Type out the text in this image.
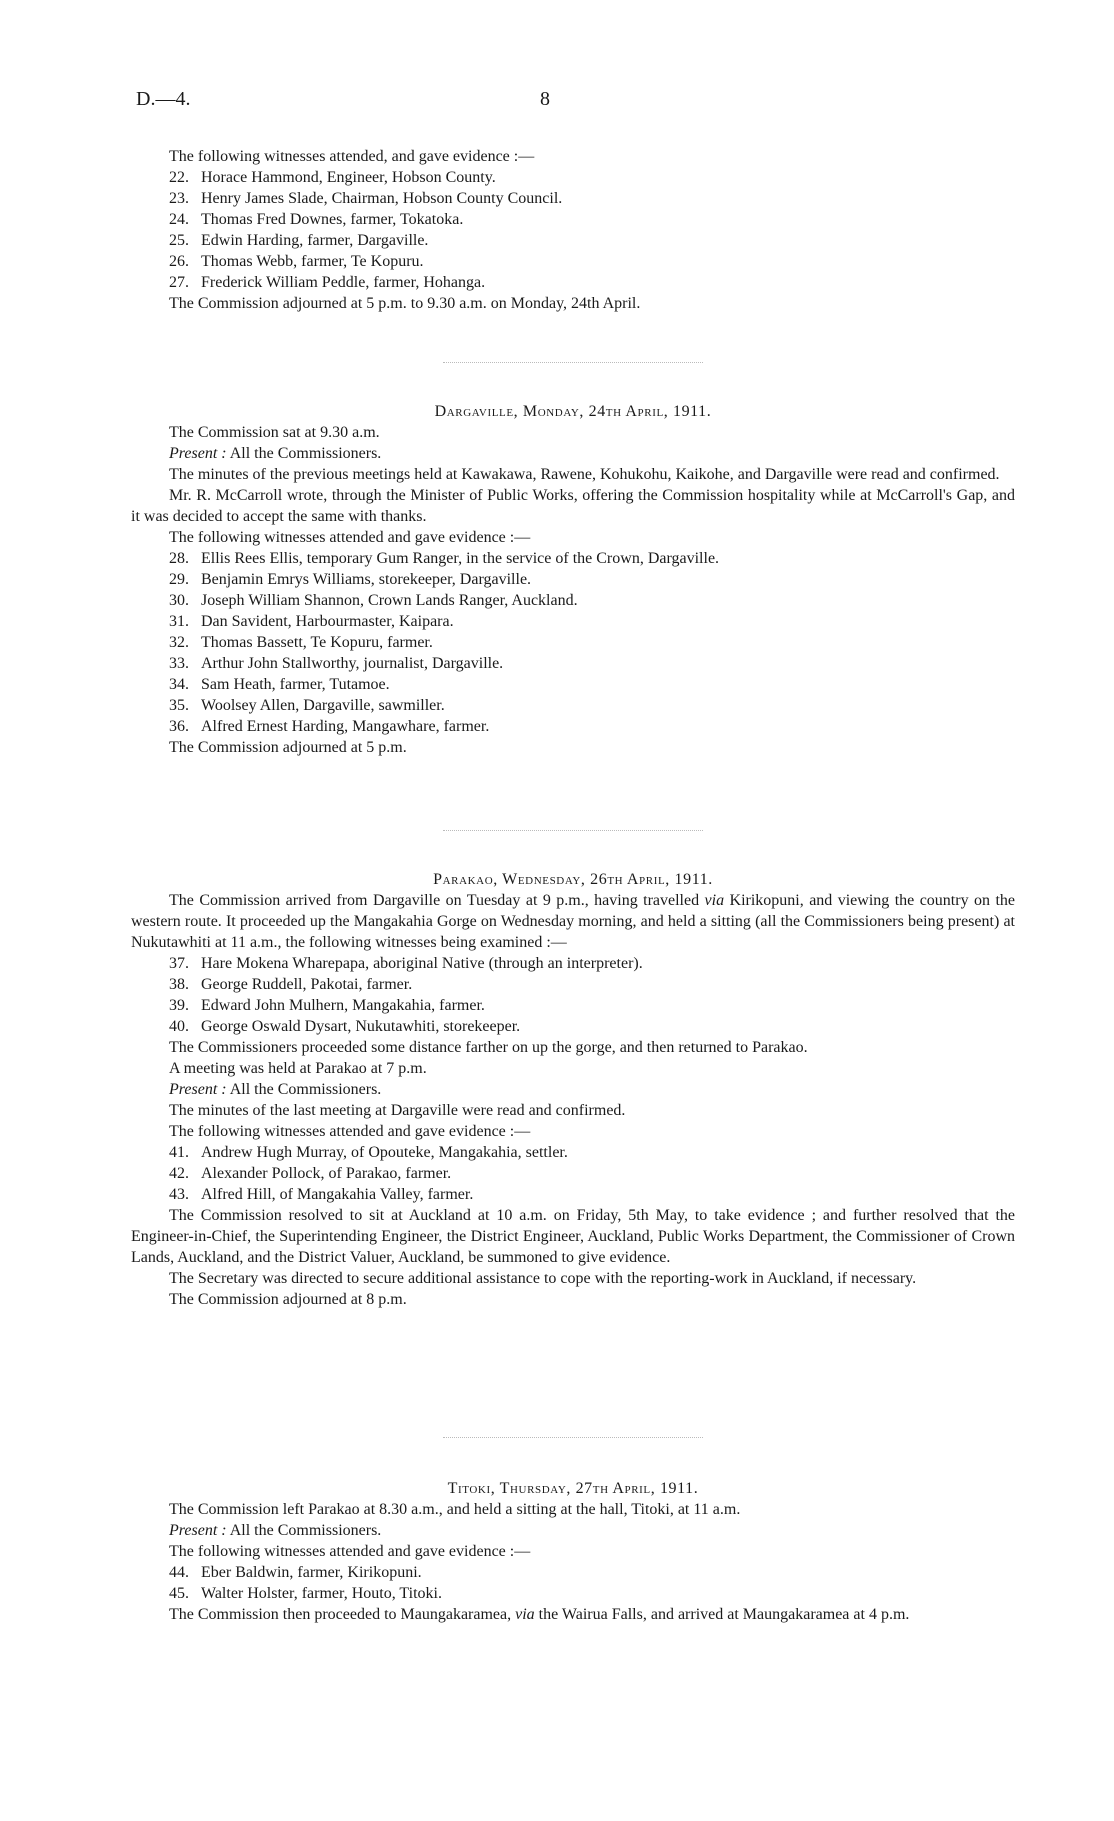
D.—4.	8

The following witnesses attended, and gave evidence :—

22. Horace Hammond, Engineer, Hobson County.

23. Henry James Slade, Chairman, Hobson County Council.

24. Thomas Fred Downes, farmer, Tokatoka.

25. Edwin Harding, farmer, Dargaville.

26. Thomas Webb, farmer, Te Kopuru.

27. Frederick William Peddle, farmer, Hohanga.

The Commission adjourned at 5 p.m. to 9.30 a.m. on Monday, 24th April.

Dargaville, Monday, 24th April, 1911.

The Commission sat at 9.30 a.m.

Present : All the Commissioners.

The minutes of the previous meetings held at Kawakawa, Rawene, Kohukohu, Kaikohe, and Dargaville were read and confirmed.

Mr. R. McCarroll wrote, through the Minister of Public Works, offering the Commission hospitality while at McCarroll's Gap, and it was decided to accept the same with thanks.

The following witnesses attended and gave evidence :—

28. Ellis Rees Ellis, temporary Gum Ranger, in the service of the Crown, Dargaville.

29. Benjamin Emrys Williams, storekeeper, Dargaville.

30. Joseph William Shannon, Crown Lands Ranger, Auckland.

31. Dan Savident, Harbourmaster, Kaipara.

32. Thomas Bassett, Te Kopuru, farmer.

33. Arthur John Stallworthy, journalist, Dargaville.

34. Sam Heath, farmer, Tutamoe.

35. Woolsey Allen, Dargaville, sawmiller.

36. Alfred Ernest Harding, Mangawhare, farmer.

The Commission adjourned at 5 p.m.

Parakao, Wednesday, 26th April, 1911.

The Commission arrived from Dargaville on Tuesday at 9 p.m., having travelled via Kirikopuni, and viewing the country on the western route. It proceeded up the Mangakahia Gorge on Wednesday morning, and held a sitting (all the Commissioners being present) at Nukutawhiti at 11 a.m., the following witnesses being examined :—

37. Hare Mokena Wharepapa, aboriginal Native (through an interpreter).

38. George Ruddell, Pakotai, farmer.

39. Edward John Mulhern, Mangakahia, farmer.

40. George Oswald Dysart, Nukutawhiti, storekeeper.

The Commissioners proceeded some distance farther on up the gorge, and then returned to Parakao.

A meeting was held at Parakao at 7 p.m.

Present : All the Commissioners.

The minutes of the last meeting at Dargaville were read and confirmed.

The following witnesses attended and gave evidence :—

41. Andrew Hugh Murray, of Opouteke, Mangakahia, settler.

42. Alexander Pollock, of Parakao, farmer.

43. Alfred Hill, of Mangakahia Valley, farmer.

The Commission resolved to sit at Auckland at 10 a.m. on Friday, 5th May, to take evidence ; and further resolved that the Engineer-in-Chief, the Superintending Engineer, the District Engineer, Auckland, Public Works Department, the Commissioner of Crown Lands, Auckland, and the District Valuer, Auckland, be summoned to give evidence.

The Secretary was directed to secure additional assistance to cope with the reporting-work in Auckland, if necessary.

The Commission adjourned at 8 p.m.

Titoki, Thursday, 27th April, 1911.

The Commission left Parakao at 8.30 a.m., and held a sitting at the hall, Titoki, at 11 a.m.

Present : All the Commissioners.

The following witnesses attended and gave evidence :—

44. Eber Baldwin, farmer, Kirikopuni.

45. Walter Holster, farmer, Houto, Titoki.

The Commission then proceeded to Maungakaramea, via the Wairua Falls, and arrived at Maungakaramea at 4 p.m.
